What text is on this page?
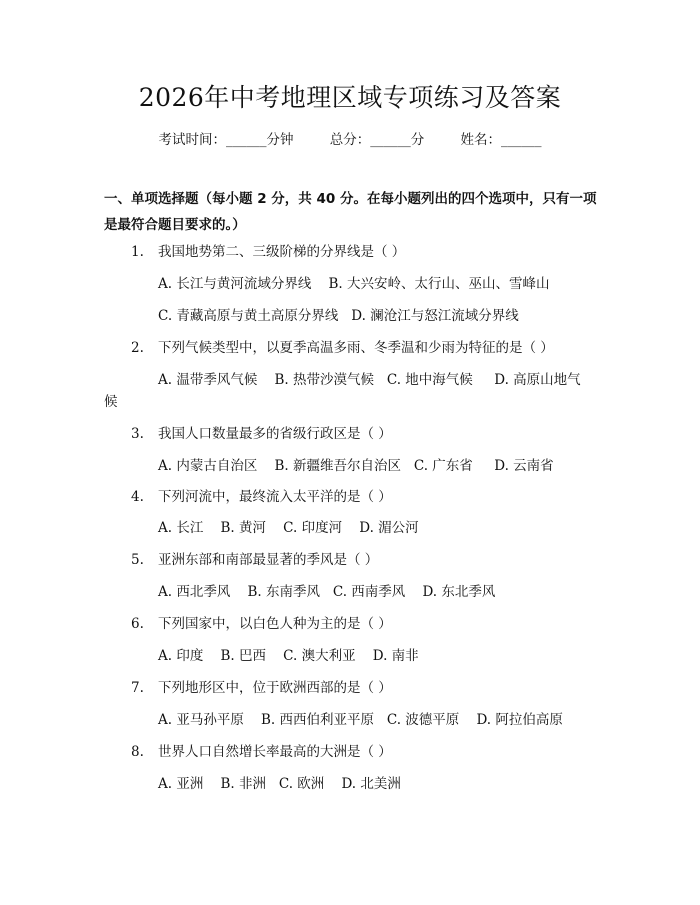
2026年中考地理区域专项练习及答案
考试时间：______分钟	总分：______分	姓名：______
一、单项选择题（每小题 2 分，共 40 分。在每小题列出的四个选项中，只有一项
是最符合题目要求的。）
1. 我国地势第二、三级阶梯的分界线是（ ）
A. 长江与黄河流域分界线    B. 大兴安岭、太行山、巫山、雪峰山
C. 青藏高原与黄土高原分界线   D. 澜沧江与怒江流域分界线
2. 下列气候类型中，以夏季高温多雨、冬季温和少雨为特征的是（ ）
A. 温带季风气候    B. 热带沙漠气候   C. 地中海气候     D. 高原山地气
候
3. 我国人口数量最多的省级行政区是（ ）
A. 内蒙古自治区    B. 新疆维吾尔自治区   C. 广东省     D. 云南省
4. 下列河流中，最终流入太平洋的是（ ）
A. 长江    B. 黄河    C. 印度河    D. 湄公河
5. 亚洲东部和南部最显著的季风是（ ）
A. 西北季风    B. 东南季风   C. 西南季风    D. 东北季风
6. 下列国家中，以白色人种为主的是（ ）
A. 印度    B. 巴西    C. 澳大利亚    D. 南非
7. 下列地形区中，位于欧洲西部的是（ ）
A. 亚马孙平原    B. 西西伯利亚平原   C. 波德平原    D. 阿拉伯高原
8. 世界人口自然增长率最高的大洲是（ ）
A. 亚洲    B. 非洲   C. 欧洲    D. 北美洲
